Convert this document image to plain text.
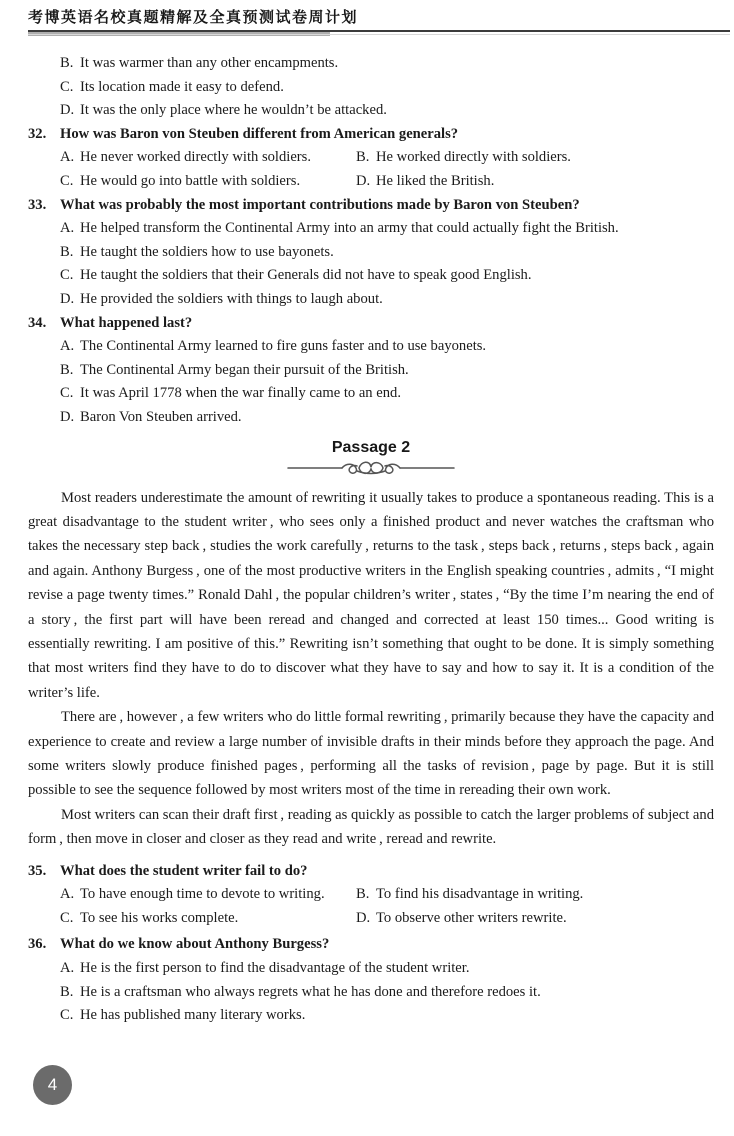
考博英语名校真题精解及全真预测试卷周计划
B. It was warmer than any other encampments.
C. Its location made it easy to defend.
D. It was the only place where he wouldn’t be attacked.
32. How was Baron von Steuben different from American generals?
A. He never worked directly with soldiers.	B. He worked directly with soldiers.
C. He would go into battle with soldiers.	D. He liked the British.
33. What was probably the most important contributions made by Baron von Steuben?
A. He helped transform the Continental Army into an army that could actually fight the British.
B. He taught the soldiers how to use bayonets.
C. He taught the soldiers that their Generals did not have to speak good English.
D. He provided the soldiers with things to laugh about.
34. What happened last?
A. The Continental Army learned to fire guns faster and to use bayonets.
B. The Continental Army began their pursuit of the British.
C. It was April 1778 when the war finally came to an end.
D. Baron Von Steuben arrived.
Passage 2

Most readers underestimate the amount of rewriting it usually takes to produce a spontaneous reading. This is a great disadvantage to the student writer , who sees only a finished product and never watches the craftsman who takes the necessary step back , studies the work carefully , returns to the task , steps back , returns , steps back , again and again. Anthony Burgess , one of the most productive writers in the English speaking countries , admits , “I might revise a page twenty times.” Ronald Dahl , the popular children’s writer , states , “By the time I’m nearing the end of a story , the first part will have been reread and changed and corrected at least 150 times... Good writing is essentially rewriting. I am positive of this.” Rewriting isn’t something that ought to be done. It is simply something that most writers find they have to do to discover what they have to say and how to say it. It is a condition of the writer’s life.

There are , however , a few writers who do little formal rewriting , primarily because they have the capacity and experience to create and review a large number of invisible drafts in their minds before they approach the page. And some writers slowly produce finished pages , performing all the tasks of revision , page by page. But it is still possible to see the sequence followed by most writers most of the time in rereading their own work.

Most writers can scan their draft first , reading as quickly as possible to catch the larger problems of subject and form , then move in closer and closer as they read and write , reread and rewrite.

35. What does the student writer fail to do?
A. To have enough time to devote to writing.	B. To find his disadvantage in writing.
C. To see his works complete.	D. To observe other writers rewrite.
36. What do we know about Anthony Burgess?
A. He is the first person to find the disadvantage of the student writer.
B. He is a craftsman who always regrets what he has done and therefore redoes it.
C. He has published many literary works.
4
